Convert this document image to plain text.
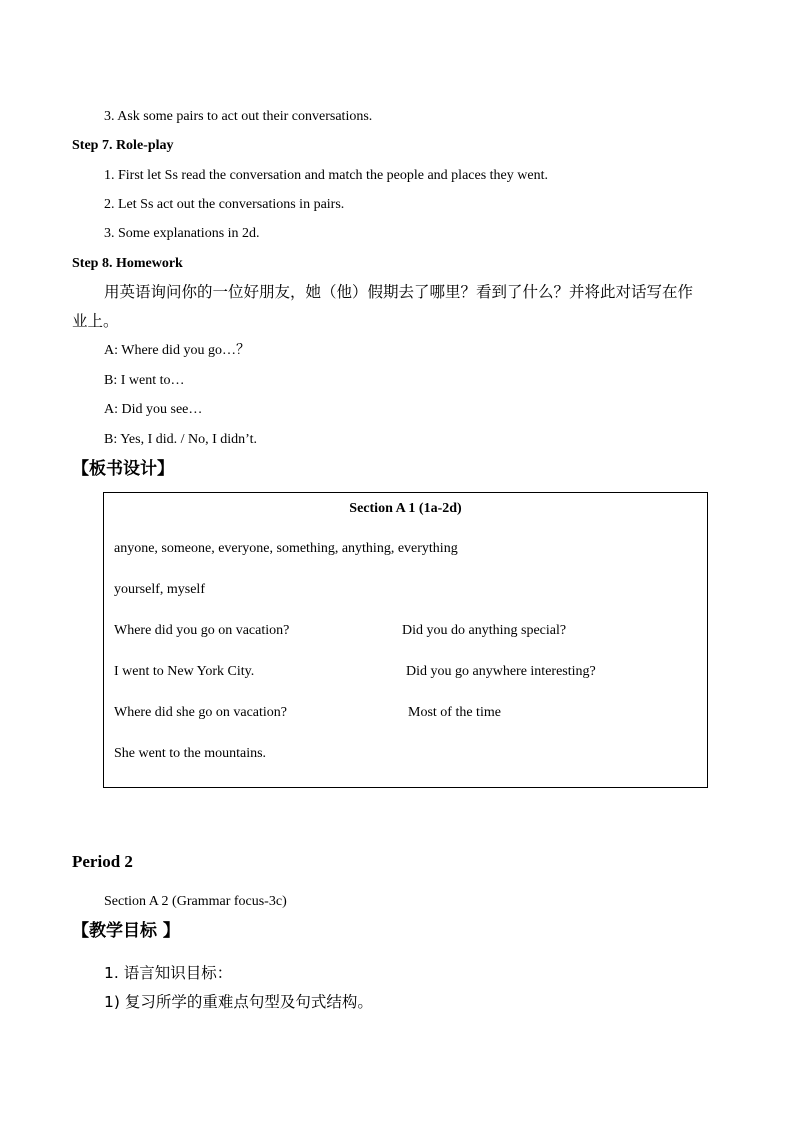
3. Ask some pairs to act out their conversations.
Step 7. Role-play
1. First let Ss read the conversation and match the people and places they went.
2. Let Ss act out the conversations in pairs.
3. Some explanations in 2d.
Step 8. Homework
用英语询问你的一位好朋友，她（他）假期去了哪里？看到了什么？并将此对话写在作
业上。
A: Where did you go…？
B: I went to…
A: Did you see…
B: Yes, I did. / No, I didn’t.
【板书设计】
Section A 1 (1a-2d)
anyone, someone, everyone, something, anything, everything
yourself, myself
Where did you go on vacation?
I went to New York City.
Where did she go on vacation?
She went to the mountains.
Did you do anything special?
Did you go anywhere interesting?
Most of the time
Period 2
Section A 2 (Grammar focus-3c)
【教学目标 】
1. 语言知识目标：
1) 复习所学的重难点句型及句式结构。
